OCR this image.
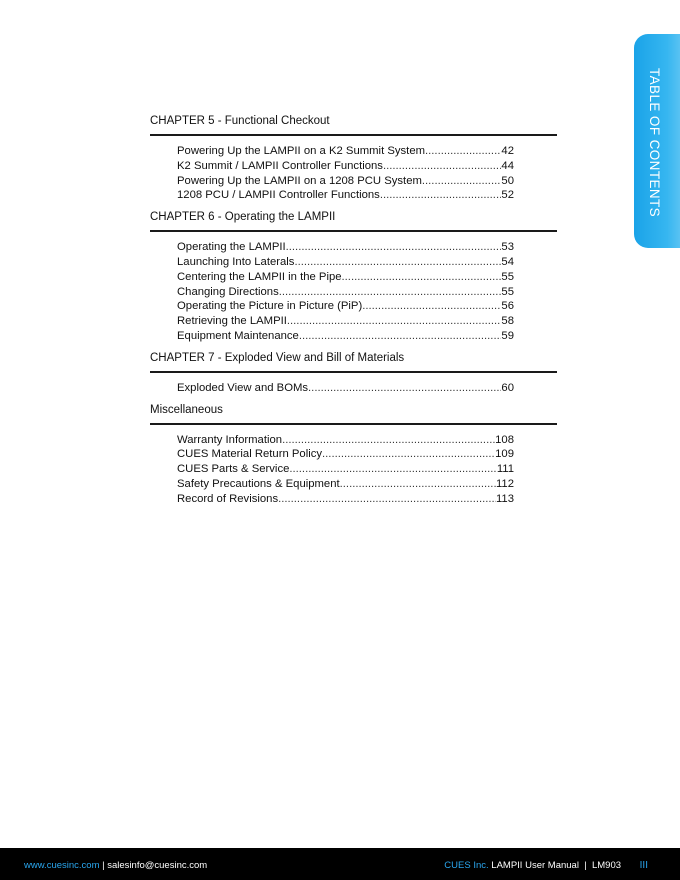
TABLE OF CONTENTS
CHAPTER 5 - Functional Checkout
Powering Up the LAMPII on a K2 Summit System .....	42
K2 Summit / LAMPII Controller Functions .....	44
Powering Up the LAMPII on a 1208 PCU System .....	50
1208 PCU / LAMPII Controller Functions .....	52
CHAPTER 6 - Operating the LAMPII
Operating the LAMPII .....	53
Launching Into Laterals .....	54
Centering the LAMPII in the Pipe .....	55
Changing Directions .....	55
Operating the Picture in Picture (PiP) .....	56
Retrieving the LAMPII .....	58
Equipment Maintenance .....	59
CHAPTER 7 - Exploded View and Bill of Materials
Exploded View and BOMs .....	60
Miscellaneous
Warranty Information .....	108
CUES Material Return Policy .....	109
CUES Parts & Service .....	111
Safety Precautions & Equipment .....	112
Record of Revisions .....	113
www.cuesinc.com | salesinfo@cuesinc.com	CUES Inc. LAMPII User Manual  |  LM903 III
